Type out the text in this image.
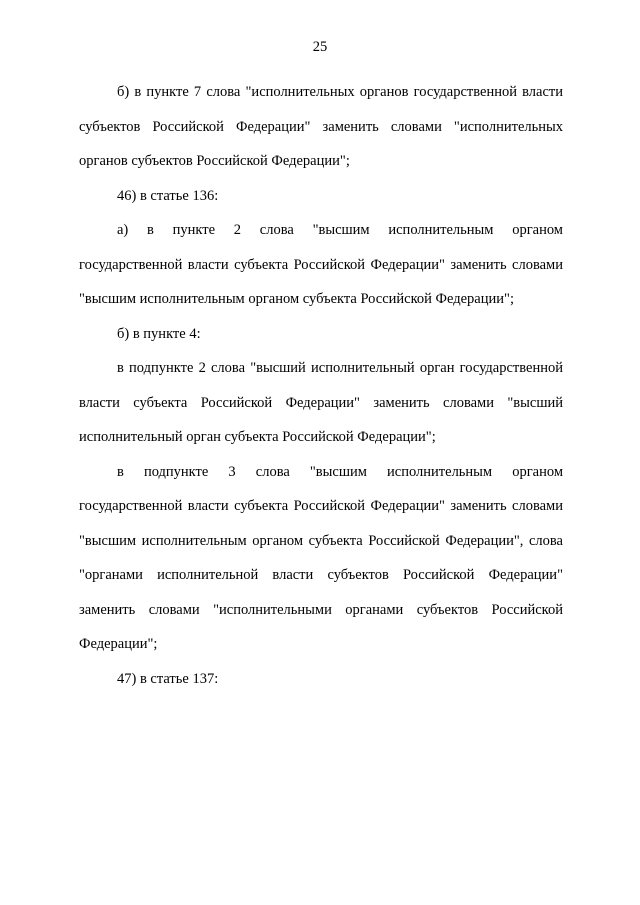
25

б) в пункте 7 слова "исполнительных органов государственной власти субъектов Российской Федерации" заменить словами "исполнительных органов субъектов Российской Федерации";

46) в статье 136:

а) в пункте 2 слова "высшим исполнительным органом государственной власти субъекта Российской Федерации" заменить словами "высшим исполнительным органом субъекта Российской Федерации";

б) в пункте 4:

в подпункте 2 слова "высший исполнительный орган государственной власти субъекта Российской Федерации" заменить словами "высший исполнительный орган субъекта Российской Федерации";

в подпункте 3 слова "высшим исполнительным органом государственной власти субъекта Российской Федерации" заменить словами "высшим исполнительным органом субъекта Российской Федерации", слова "органами исполнительной власти субъектов Российской Федерации" заменить словами "исполнительными органами субъектов Российской Федерации";

47) в статье 137:
